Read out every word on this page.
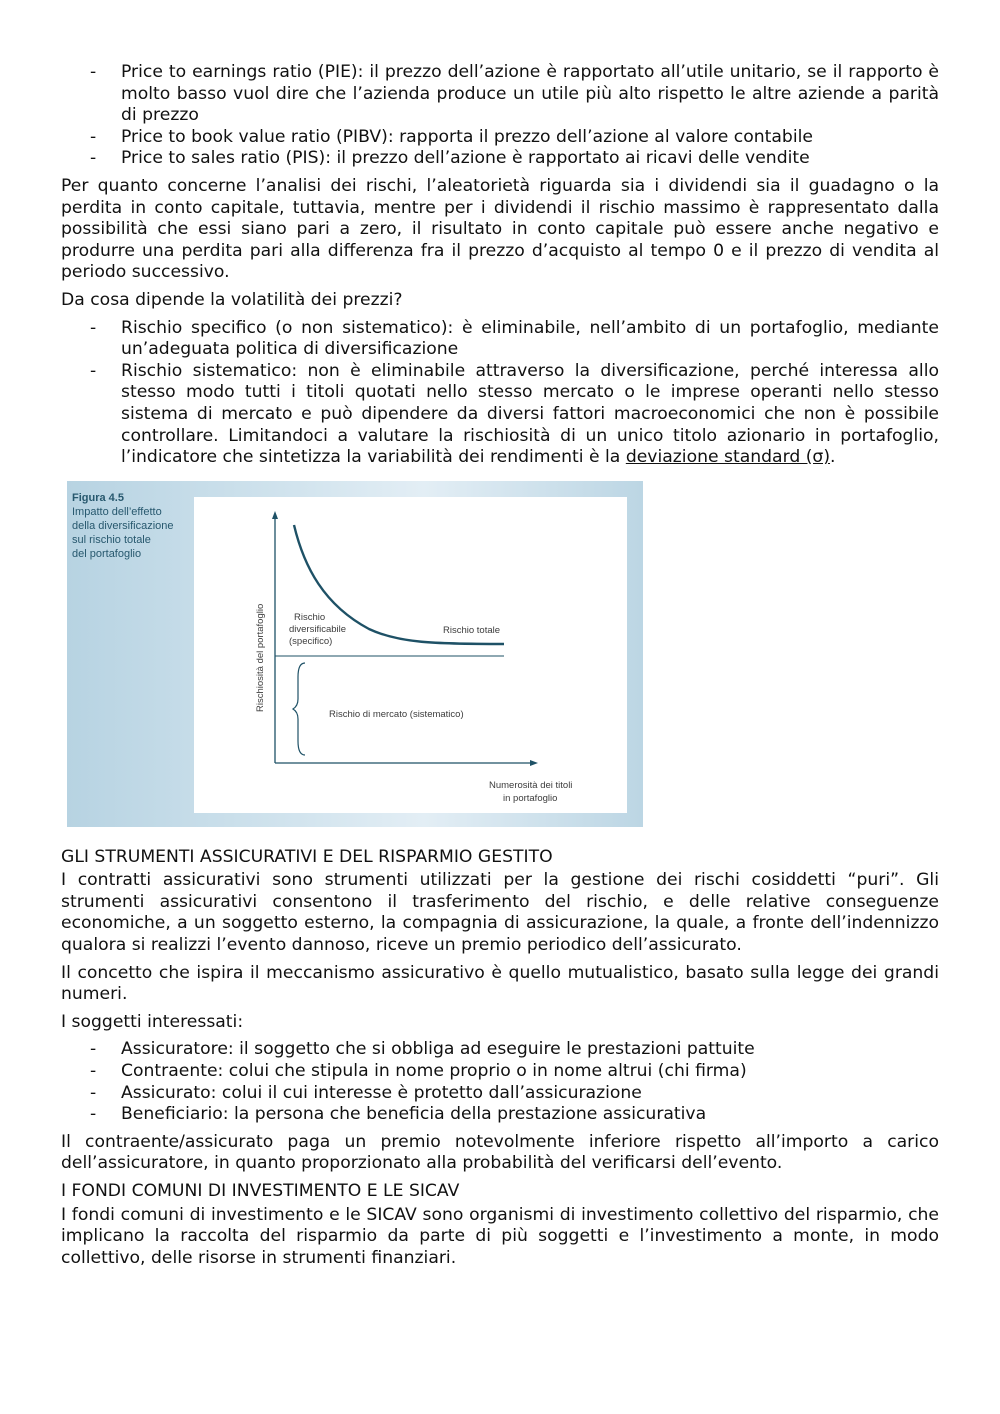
- Price to earnings ratio (PIE): il prezzo dell’azione è rapportato all’utile unitario, se il rapporto è molto basso vuol dire che l’azienda produce un utile più alto rispetto le altre aziende a parità di prezzo
- Price to book value ratio (PIBV): rapporta il prezzo dell’azione al valore contabile
- Price to sales ratio (PIS): il prezzo dell’azione è rapportato ai ricavi delle vendite

Per quanto concerne l’analisi dei rischi, l’aleatorietà riguarda sia i dividendi sia il guadagno o la perdita in conto capitale, tuttavia, mentre per i dividendi il rischio massimo è rappresentato dalla possibilità che essi siano pari a zero, il risultato in conto capitale può essere anche negativo e produrre una perdita pari alla differenza fra il prezzo d’acquisto al tempo 0 e il prezzo di vendita al periodo successivo.

Da cosa dipende la volatilità dei prezzi?

- Rischio specifico (o non sistematico): è eliminabile, nell’ambito di un portafoglio, mediante un’adeguata politica di diversificazione
- Rischio sistematico: non è eliminabile attraverso la diversificazione, perché interessa allo stesso modo tutti i titoli quotati nello stesso mercato o le imprese operanti nello stesso sistema di mercato e può dipendere da diversi fattori macroeconomici che non è possibile controllare. Limitandoci a valutare la rischiosità di un unico titolo azionario in portafoglio, l’indicatore che sintetizza la variabilità dei rendimenti è la deviazione standard (σ).
Figura 4.5
Impatto dell’effetto
della diversificazione
sul rischio totale
del portafoglio
Rischiosità del portafoglio	Rischio
diversificabile
(specifico)
Rischio totale
Rischio di mercato (sistematico)
Numerosità dei titoli
in portafoglio

GLI STRUMENTI ASSICURATIVI E DEL RISPARMIO GESTITO

I contratti assicurativi sono strumenti utilizzati per la gestione dei rischi cosiddetti “puri”. Gli strumenti assicurativi consentono il trasferimento del rischio, e delle relative conseguenze economiche, a un soggetto esterno, la compagnia di assicurazione, la quale, a fronte dell’indennizzo qualora si realizzi l’evento dannoso, riceve un premio periodico dell’assicurato.

Il concetto che ispira il meccanismo assicurativo è quello mutualistico, basato sulla legge dei grandi numeri.

I soggetti interessati:

- Assicuratore: il soggetto che si obbliga ad eseguire le prestazioni pattuite
- Contraente: colui che stipula in nome proprio o in nome altrui (chi firma)
- Assicurato: colui il cui interesse è protetto dall’assicurazione
- Beneficiario: la persona che beneficia della prestazione assicurativa

Il contraente/assicurato paga un premio notevolmente inferiore rispetto all’importo a carico dell’assicuratore, in quanto proporzionato alla probabilità del verificarsi dell’evento.

I FONDI COMUNI DI INVESTIMENTO E LE SICAV

I fondi comuni di investimento e le SICAV sono organismi di investimento collettivo del risparmio, che implicano la raccolta del risparmio da parte di più soggetti e l’investimento a monte, in modo collettivo, delle risorse in strumenti finanziari.
